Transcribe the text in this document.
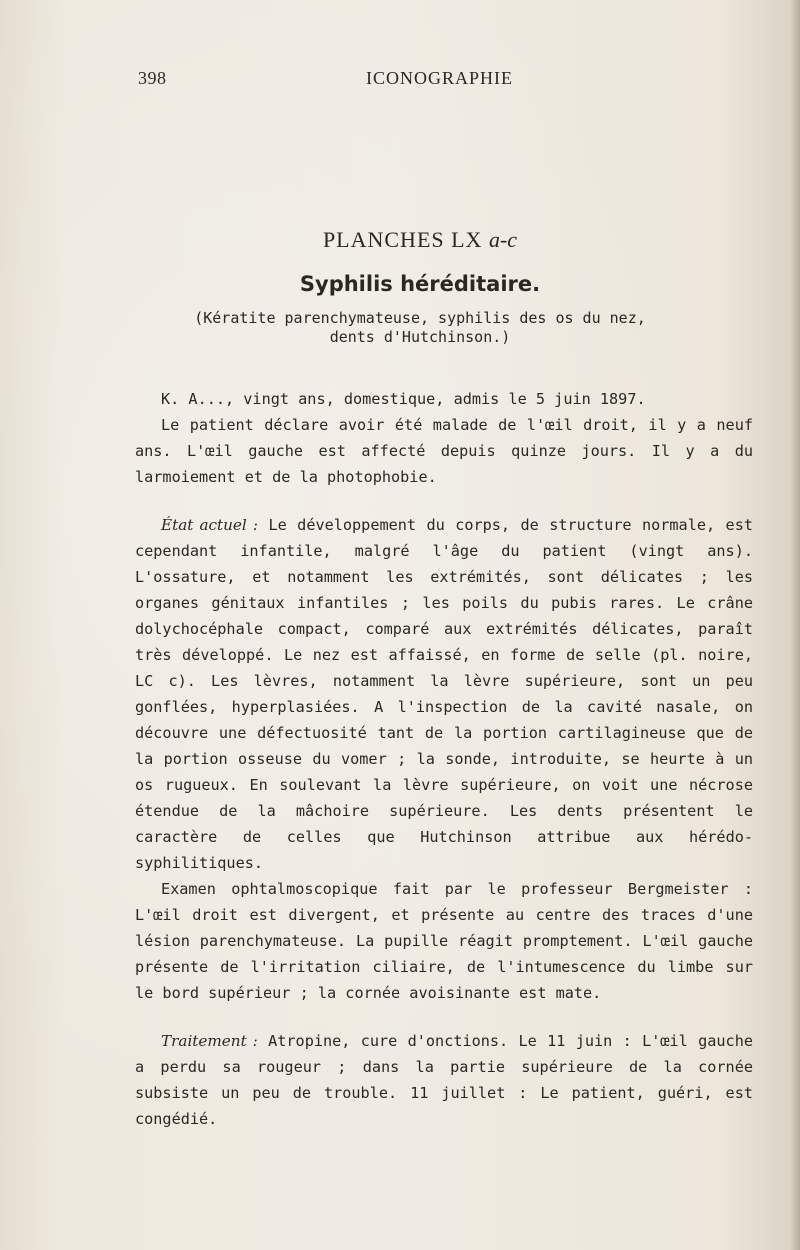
398	ICONOGRAPHIE
PLANCHES LX a-c
Syphilis héréditaire.
(Kératite parenchymateuse, syphilis des os du nez,
dents d'Hutchinson.)

K. A..., vingt ans, domestique, admis le 5 juin 1897.

Le patient déclare avoir été malade de l'œil droit, il y a neuf ans. L'œil gauche est affecté depuis quinze jours. Il y a du larmoiement et de la photophobie.

État actuel : Le développement du corps, de structure normale, est cependant infantile, malgré l'âge du patient (vingt ans). L'ossature, et notamment les extrémités, sont délicates ; les organes génitaux infantiles ; les poils du pubis rares. Le crâne dolychocéphale compact, comparé aux extrémités délicates, paraît très développé. Le nez est affaissé, en forme de selle (pl. noire, LC c). Les lèvres, notamment la lèvre supérieure, sont un peu gonflées, hyperplasiées. A l'inspection de la cavité nasale, on découvre une défectuosité tant de la portion cartilagineuse que de la portion osseuse du vomer ; la sonde, introduite, se heurte à un os rugueux. En soulevant la lèvre supérieure, on voit une nécrose étendue de la mâchoire supérieure. Les dents présentent le caractère de celles que Hutchinson attribue aux hérédo-syphilitiques.

Examen ophtalmoscopique fait par le professeur Bergmeister : L'œil droit est divergent, et présente au centre des traces d'une lésion parenchymateuse. La pupille réagit promptement. L'œil gauche présente de l'irritation ciliaire, de l'intumescence du limbe sur le bord supérieur ; la cornée avoisinante est mate.

Traitement : Atropine, cure d'onctions. Le 11 juin : L'œil gauche a perdu sa rougeur ; dans la partie supérieure de la cornée subsiste un peu de trouble. 11 juillet : Le patient, guéri, est congédié.
